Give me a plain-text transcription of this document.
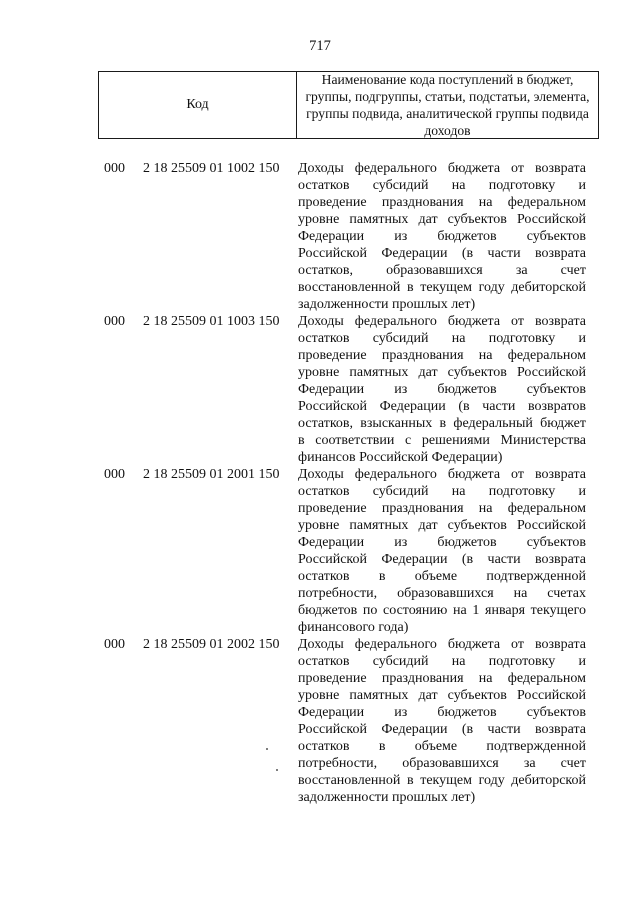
717
Код
Наименование кода поступлений в бюджет, группы, подгруппы, статьи, подстатьи, элемента, группы подвида, аналитической группы подвида доходов
000 2 18 25509 01 1002 150 Доходы федерального бюджета от возврата
остатков субсидий на подготовку и
проведение празднования на федеральном
уровне памятных дат субъектов Российской
Федерации из бюджетов субъектов
Российской Федерации (в части возврата
остатков, образовавшихся за счет
восстановленной в текущем году дебиторской
задолженности прошлых лет)
000 2 18 25509 01 1003 150 Доходы федерального бюджета от возврата
остатков субсидий на подготовку и
проведение празднования на федеральном
уровне памятных дат субъектов Российской
Федерации из бюджетов субъектов
Российской Федерации (в части возвратов
остатков, взысканных в федеральный бюджет
в соответствии с решениями Министерства
финансов Российской Федерации)
000 2 18 25509 01 2001 150 Доходы федерального бюджета от возврата
остатков субсидий на подготовку и
проведение празднования на федеральном
уровне памятных дат субъектов Российской
Федерации из бюджетов субъектов
Российской Федерации (в части возврата
остатков в объеме подтвержденной
потребности, образовавшихся на счетах
бюджетов по состоянию на 1 января текущего
финансового года)
000 2 18 25509 01 2002 150 Доходы федерального бюджета от возврата
остатков субсидий на подготовку и
проведение празднования на федеральном
уровне памятных дат субъектов Российской
Федерации из бюджетов субъектов
Российской Федерации (в части возврата
остатков в объеме подтвержденной
потребности, образовавшихся за счет
восстановленной в текущем году дебиторской
задолженности прошлых лет)
